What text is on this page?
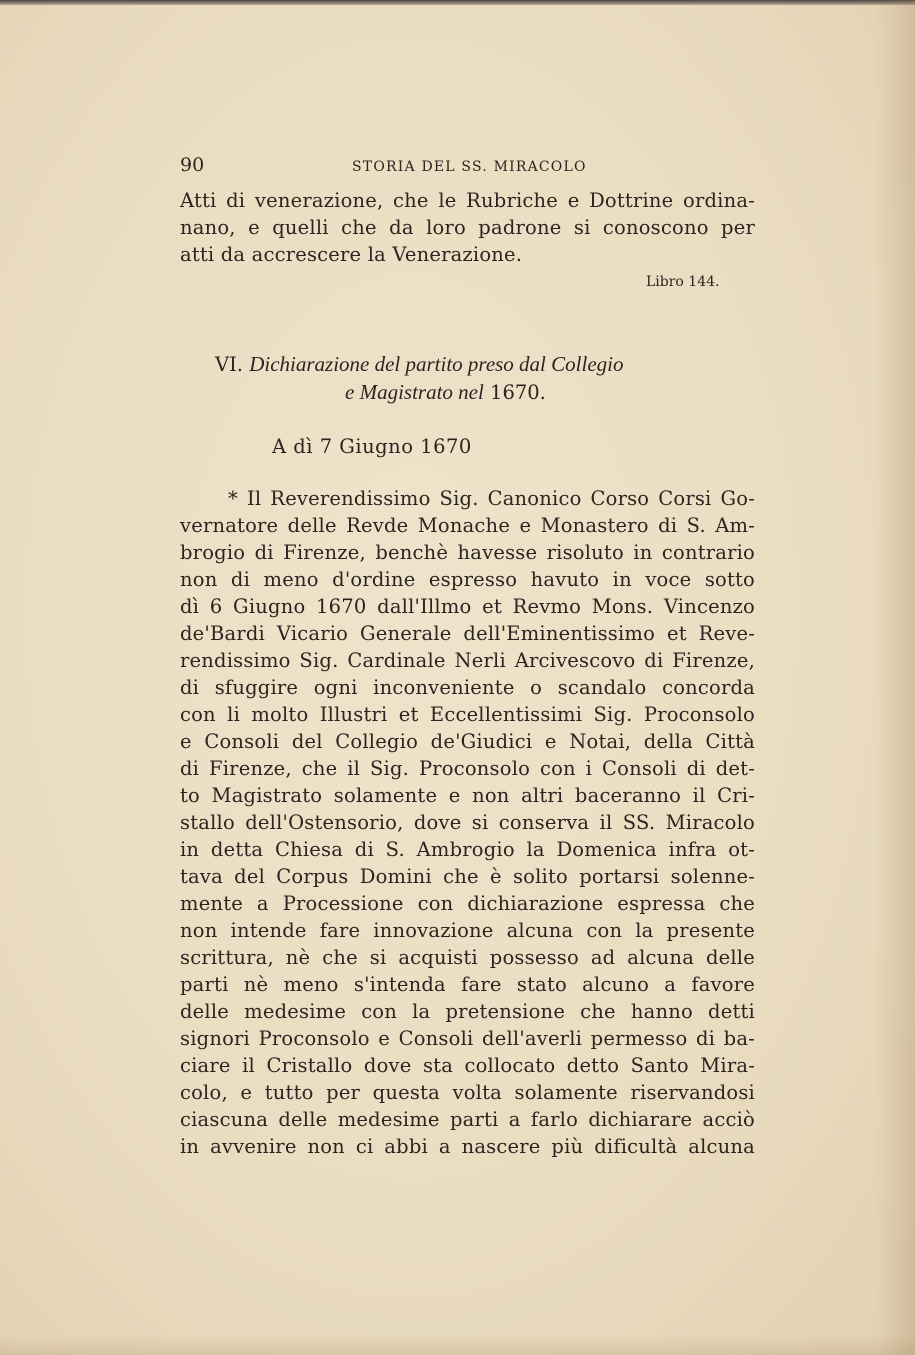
90	STORIA DEL SS. MIRACOLO
Atti di venerazione, che le Rubriche e Dottrine ordina-
nano, e quelli che da loro padrone si conoscono per
atti da accrescere la Venerazione.
Libro 144.
VI. Dichiarazione del partito preso dal Collegio
e Magistrato nel 1670.
A dì 7 Giugno 1670
* Il Reverendissimo Sig. Canonico Corso Corsi Go-
vernatore delle Revde Monache e Monastero di S. Am-
brogio di Firenze, benchè havesse risoluto in contrario
non di meno d'ordine espresso havuto in voce sotto
dì 6 Giugno 1670 dall'Illmo et Revmo Mons. Vincenzo
de'Bardi Vicario Generale dell'Eminentissimo et Reve-
rendissimo Sig. Cardinale Nerli Arcivescovo di Firenze,
di sfuggire ogni inconveniente o scandalo concorda
con li molto Illustri et Eccellentissimi Sig. Proconsolo
e Consoli del Collegio de'Giudici e Notai, della Città
di Firenze, che il Sig. Proconsolo con i Consoli di det-
to Magistrato solamente e non altri baceranno il Cri-
stallo dell'Ostensorio, dove si conserva il SS. Miracolo
in detta Chiesa di S. Ambrogio la Domenica infra ot-
tava del Corpus Domini che è solito portarsi solenne-
mente a Processione con dichiarazione espressa che
non intende fare innovazione alcuna con la presente
scrittura, nè che si acquisti possesso ad alcuna delle
parti nè meno s'intenda fare stato alcuno a favore
delle medesime con la pretensione che hanno detti
signori Proconsolo e Consoli dell'averli permesso di ba-
ciare il Cristallo dove sta collocato detto Santo Mira-
colo, e tutto per questa volta solamente riservandosi
ciascuna delle medesime parti a farlo dichiarare acciò
in avvenire non ci abbi a nascere più dificultà alcuna
